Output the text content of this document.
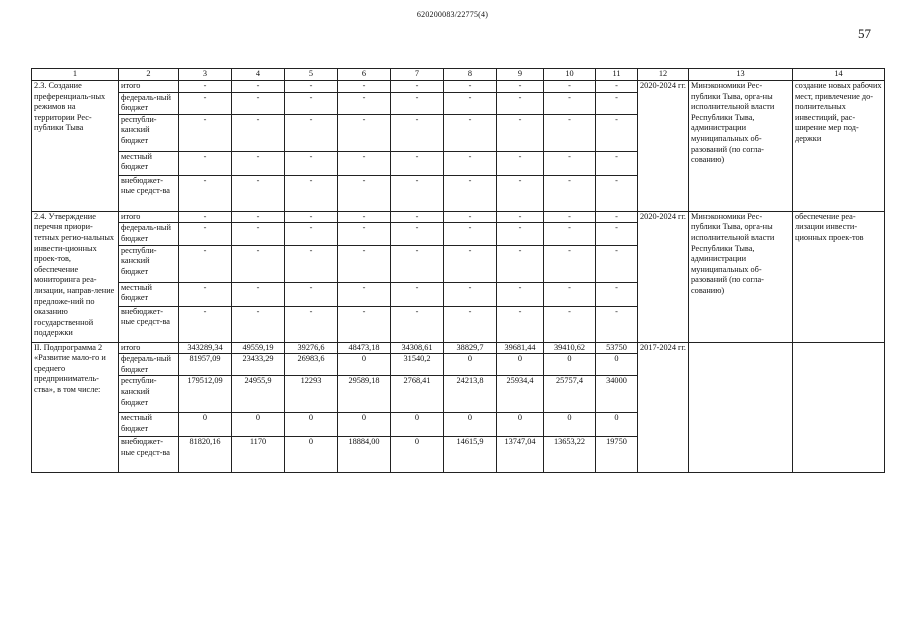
620200083/22775(4)
57
1	2	3	4	5	6	7	8	9	10	11	12	13	14
2.3. Создание преференциаль-ных режимов на территории Рес-публики Тыва	итого	-	-	-	-	-	-	-	-	-	2020-2024 гг.	Минэкономики Рес-публики Тыва, орга-ны исполнительной власти Республики Тыва, администрации муниципальных об-разований (по согла-сованию)	создание новых рабочих мест, привлечение до-полнительных инвестиций, рас-ширение мер под-держки
	федераль-ный бюджет	-	-	-	-	-	-	-	-	-			
	республи-канский бюджет	-	-	-	-	-	-	-	-	-			
	местный бюджет	-	-	-	-	-	-	-	-	-			
	внебюджет-ные средст-ва	-	-	-	-	-	-	-	-	-			
2.4. Утверждение перечня приори-тетных регио-нальных инвести-ционных проек-тов, обеспечение мониторинга реа-лизации, направ-ление предложе-ний по оказанию государственной поддержки	итого	-	-	-	-	-	-	-	-	-	2020-2024 гг.	Минэкономики Рес-публики Тыва, орга-ны исполнительной власти Республики Тыва, администрации муниципальных об-разований (по согла-сованию)	обеспечение реа-лизации инвести-ционных проек-тов
	федераль-ный бюджет	-	-	-	-	-	-	-	-	-			
	республи-канский бюджет	-	-	-	-	-	-	-	-	-			
	местный бюджет	-	-	-	-	-	-	-	-	-			
	внебюджет-ные средст-ва	-	-	-	-	-	-	-	-	-			
II. Подпрограмма 2 «Развитие мало-го и среднего предприниматель-ства», в том числе:	итого	343289,34	49559,19	39276,6	48473,18	34308,61	38829,7	39681,44	39410,62	53750	2017-2024 гг.		
	федераль-ный бюджет	81957,09	23433,29	26983,6	0	31540,2	0	0	0	0			
	республи-канский бюджет	179512,09	24955,9	12293	29589,18	2768,41	24213,8	25934,4	25757,4	34000			
	местный бюджет	0	0	0	0	0	0	0	0	0			
	внебюджет-ные средст-ва	81820,16	1170	0	18884,00	0	14615,9	13747,04	13653,22	19750			
